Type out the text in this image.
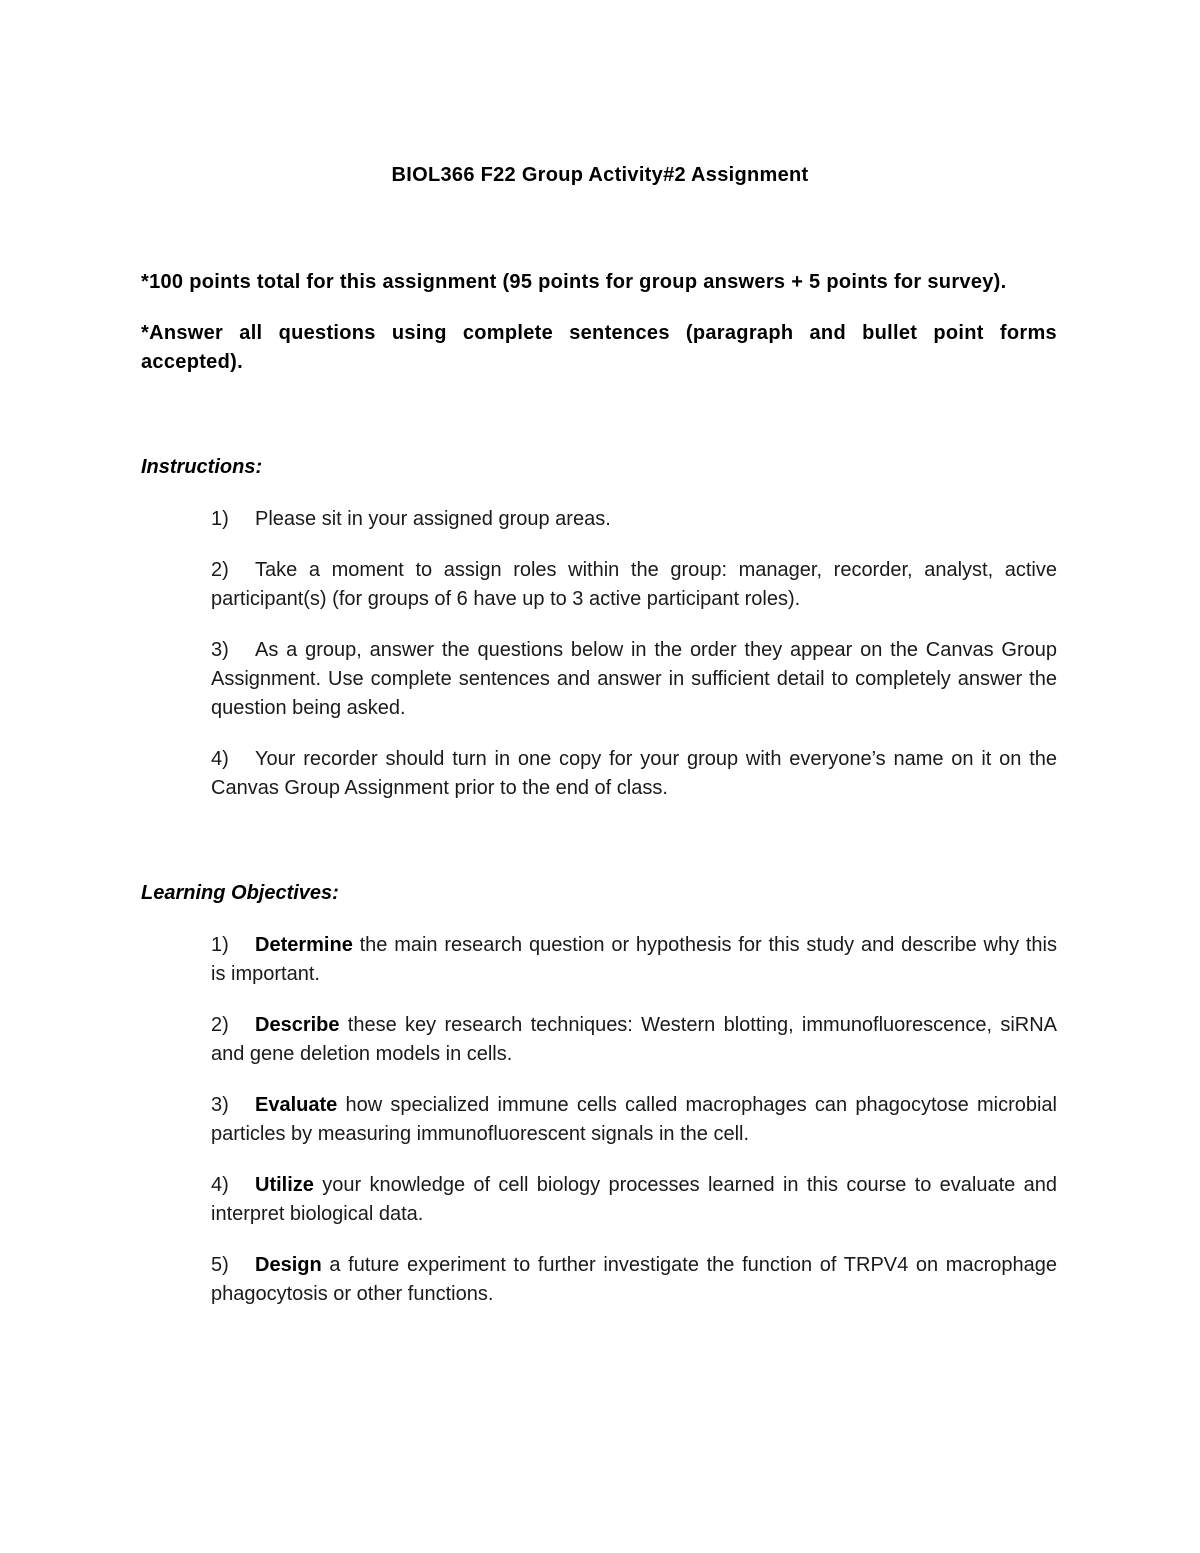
BIOL366 F22 Group Activity#2 Assignment

*100 points total for this assignment (95 points for group answers + 5 points for survey).

*Answer all questions using complete sentences (paragraph and bullet point forms accepted).

Instructions:
1) Please sit in your assigned group areas.
2) Take a moment to assign roles within the group: manager, recorder, analyst, active participant(s) (for groups of 6 have up to 3 active participant roles).
3) As a group, answer the questions below in the order they appear on the Canvas Group Assignment. Use complete sentences and answer in sufficient detail to completely answer the question being asked.
4) Your recorder should turn in one copy for your group with everyone’s name on it on the Canvas Group Assignment prior to the end of class.
Learning Objectives:
1) Determine the main research question or hypothesis for this study and describe why this is important.
2) Describe these key research techniques: Western blotting, immunofluorescence, siRNA and gene deletion models in cells.
3) Evaluate how specialized immune cells called macrophages can phagocytose microbial particles by measuring immunofluorescent signals in the cell.
4) Utilize your knowledge of cell biology processes learned in this course to evaluate and interpret biological data.
5) Design a future experiment to further investigate the function of TRPV4 on macrophage phagocytosis or other functions.
